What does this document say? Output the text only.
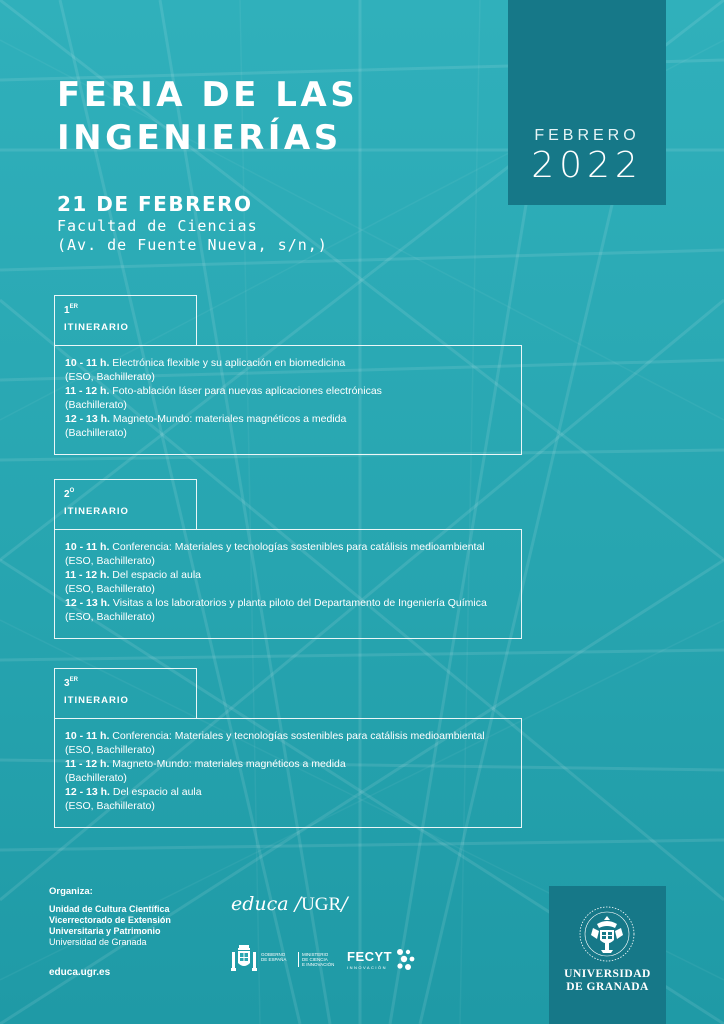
FERIA DE LAS
INGENIERÍAS	FEBRERO
2022
21 DE FEBRERO
Facultad de Ciencias
(Av. de Fuente Nueva, s/n,)
1ER
ITINERARIO
10 - 11 h. Electrónica flexible y su aplicación en biomedicina
(ESO, Bachillerato)
11 - 12 h. Foto-ablación láser para nuevas aplicaciones electrónicas
(Bachillerato)
12 - 13 h. Magneto-Mundo: materiales magnéticos a medida
(Bachillerato)
$2^O$
ITINERARIO
10 - 11 h. Conferencia: Materiales y tecnologías sostenibles para catálisis medioambiental
(ESO, Bachillerato)
11 - 12 h. Del espacio al aula
(ESO, Bachillerato)
12 - 13 h. Visitas a los laboratorios y planta piloto del Departamento de Ingeniería Química
(ESO, Bachillerato)
3ER
ITINERARIO
10 - 11 h. Conferencia: Materiales y tecnologías sostenibles para catálisis medioambiental
(ESO, Bachillerato)
11 - 12 h. Magneto-Mundo: materiales magnéticos a medida
(Bachillerato)
12 - 13 h. Del espacio al aula
(ESO, Bachillerato)
Organiza:
Unidad de Cultura Científica
Vicerrectorado de Extensión
Universitaria y Patrimonio
Universidad de Granada
educa.ugr.es
educa /UGR/
GOBIERNO
DE ESPAÑA
MINISTERIO
DE CIENCIA
E INNOVACIÓN
FECYT
INNOVACIÓN
UNIVERSIDAD
DE GRANADA
